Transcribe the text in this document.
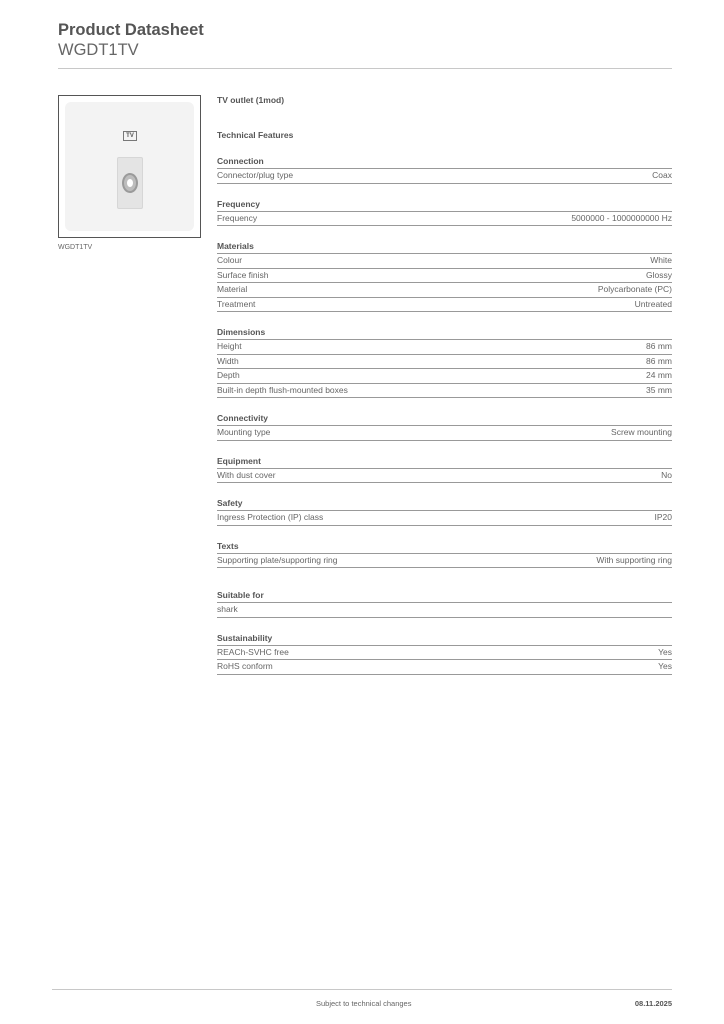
Product Datasheet
WGDT1TV
TV
WGDT1TV
TV outlet (1mod)
Technical Features
Connection
Connector/plug type	Coax
Frequency
Frequency	5000000 - 1000000000 Hz
Materials
Colour	White
Surface finish	Glossy
Material	Polycarbonate (PC)
Treatment	Untreated
Dimensions
Height	86 mm
Width	86 mm
Depth	24 mm
Built-in depth flush-mounted boxes	35 mm
Connectivity
Mounting type	Screw mounting
Equipment
With dust cover	No
Safety
Ingress Protection (IP) class	IP20
Texts
Supporting plate/supporting ring	With supporting ring
Suitable for
shark
Sustainability
REACh-SVHC free	Yes
RoHS conform	Yes
Subject to technical changes	08.11.2025
